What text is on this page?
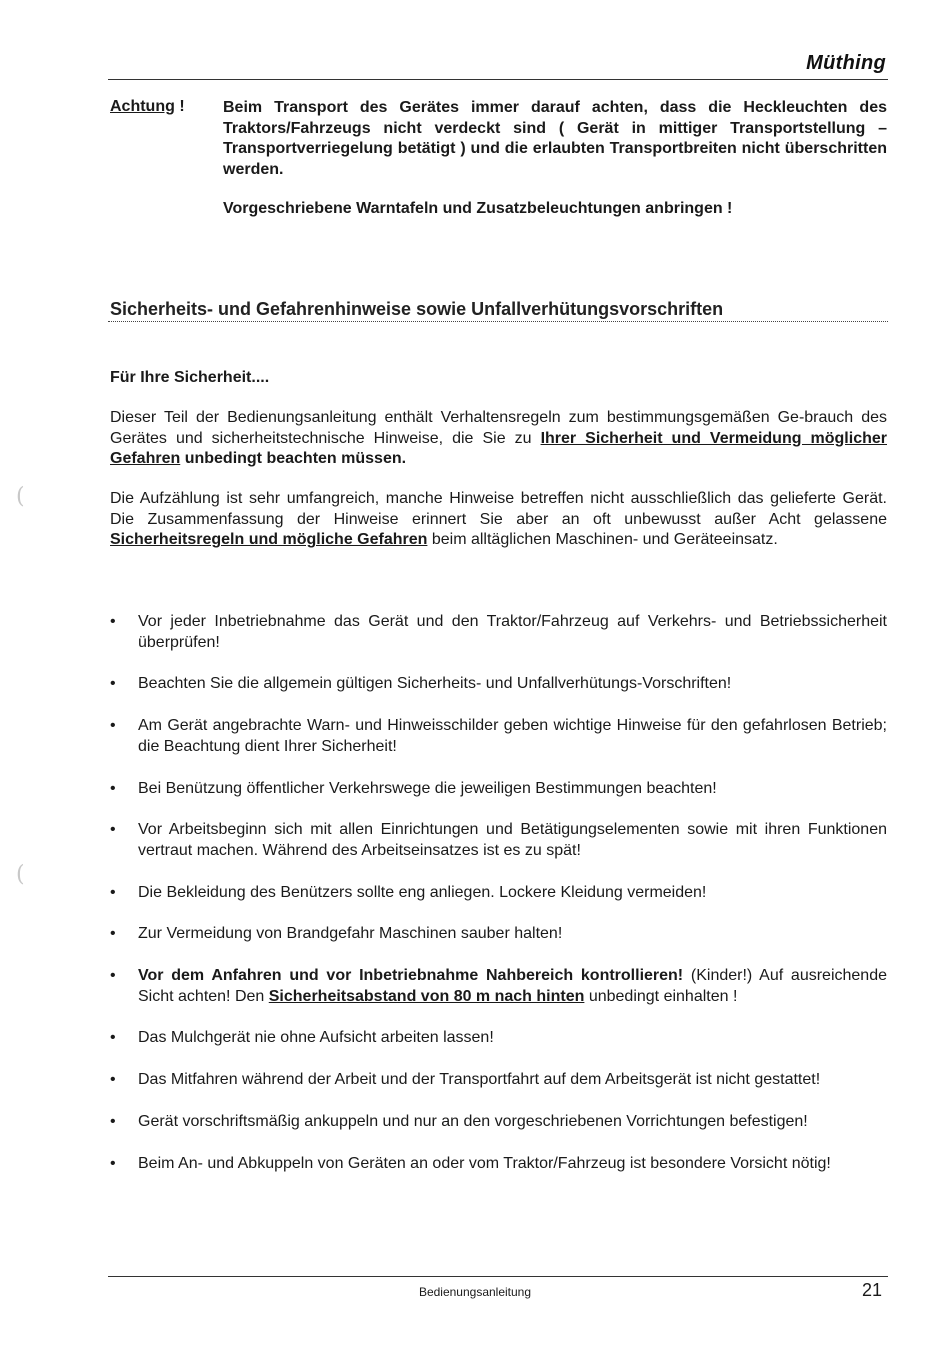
Müthing

Achtung ! Beim Transport des Gerätes immer darauf achten, dass die Heckleuchten des Traktors/Fahrzeugs nicht verdeckt sind ( Gerät in mittiger Transportstellung – Transportverriegelung betätigt ) und die erlaubten Transportbreiten nicht überschritten werden.

Vorgeschriebene Warntafeln und Zusatzbeleuchtungen anbringen !

Sicherheits- und Gefahrenhinweise sowie Unfallverhütungsvorschriften

Für Ihre Sicherheit....

Dieser Teil der Bedienungsanleitung enthält Verhaltensregeln zum bestimmungsgemäßen Ge-brauch des Gerätes und sicherheitstechnische Hinweise, die Sie zu Ihrer Sicherheit und Vermeidung möglicher Gefahren unbedingt beachten müssen.

Die Aufzählung ist sehr umfangreich, manche Hinweise betreffen nicht ausschließlich das gelieferte Gerät. Die Zusammenfassung der Hinweise erinnert Sie aber an oft unbewusst außer Acht gelassene Sicherheitsregeln und mögliche Gefahren beim alltäglichen Maschinen- und Geräteeinsatz.

• Vor jeder Inbetriebnahme das Gerät und den Traktor/Fahrzeug auf Verkehrs- und Betriebssicherheit überprüfen!
• Beachten Sie die allgemein gültigen Sicherheits- und Unfallverhütungs-Vorschriften!
• Am Gerät angebrachte Warn- und Hinweisschilder geben wichtige Hinweise für den gefahrlosen Betrieb; die Beachtung dient Ihrer Sicherheit!
• Bei Benützung öffentlicher Verkehrswege die jeweiligen Bestimmungen beachten!
• Vor Arbeitsbeginn sich mit allen Einrichtungen und Betätigungselementen sowie mit ihren Funktionen vertraut machen. Während des Arbeitseinsatzes ist es zu spät!
• Die Bekleidung des Benützers sollte eng anliegen. Lockere Kleidung vermeiden!
• Zur Vermeidung von Brandgefahr Maschinen sauber halten!
• Vor dem Anfahren und vor Inbetriebnahme Nahbereich kontrollieren! (Kinder!) Auf ausreichende Sicht achten! Den Sicherheitsabstand von 80 m nach hinten unbedingt einhalten !
• Das Mulchgerät nie ohne Aufsicht arbeiten lassen!
• Das Mitfahren während der Arbeit und der Transportfahrt auf dem Arbeitsgerät ist nicht gestattet!
• Gerät vorschriftsmäßig ankuppeln und nur an den vorgeschriebenen Vorrichtungen befestigen!
• Beim An- und Abkuppeln von Geräten an oder vom Traktor/Fahrzeug ist besondere Vorsicht nötig!
(
(

Bedienungsanleitung	21
